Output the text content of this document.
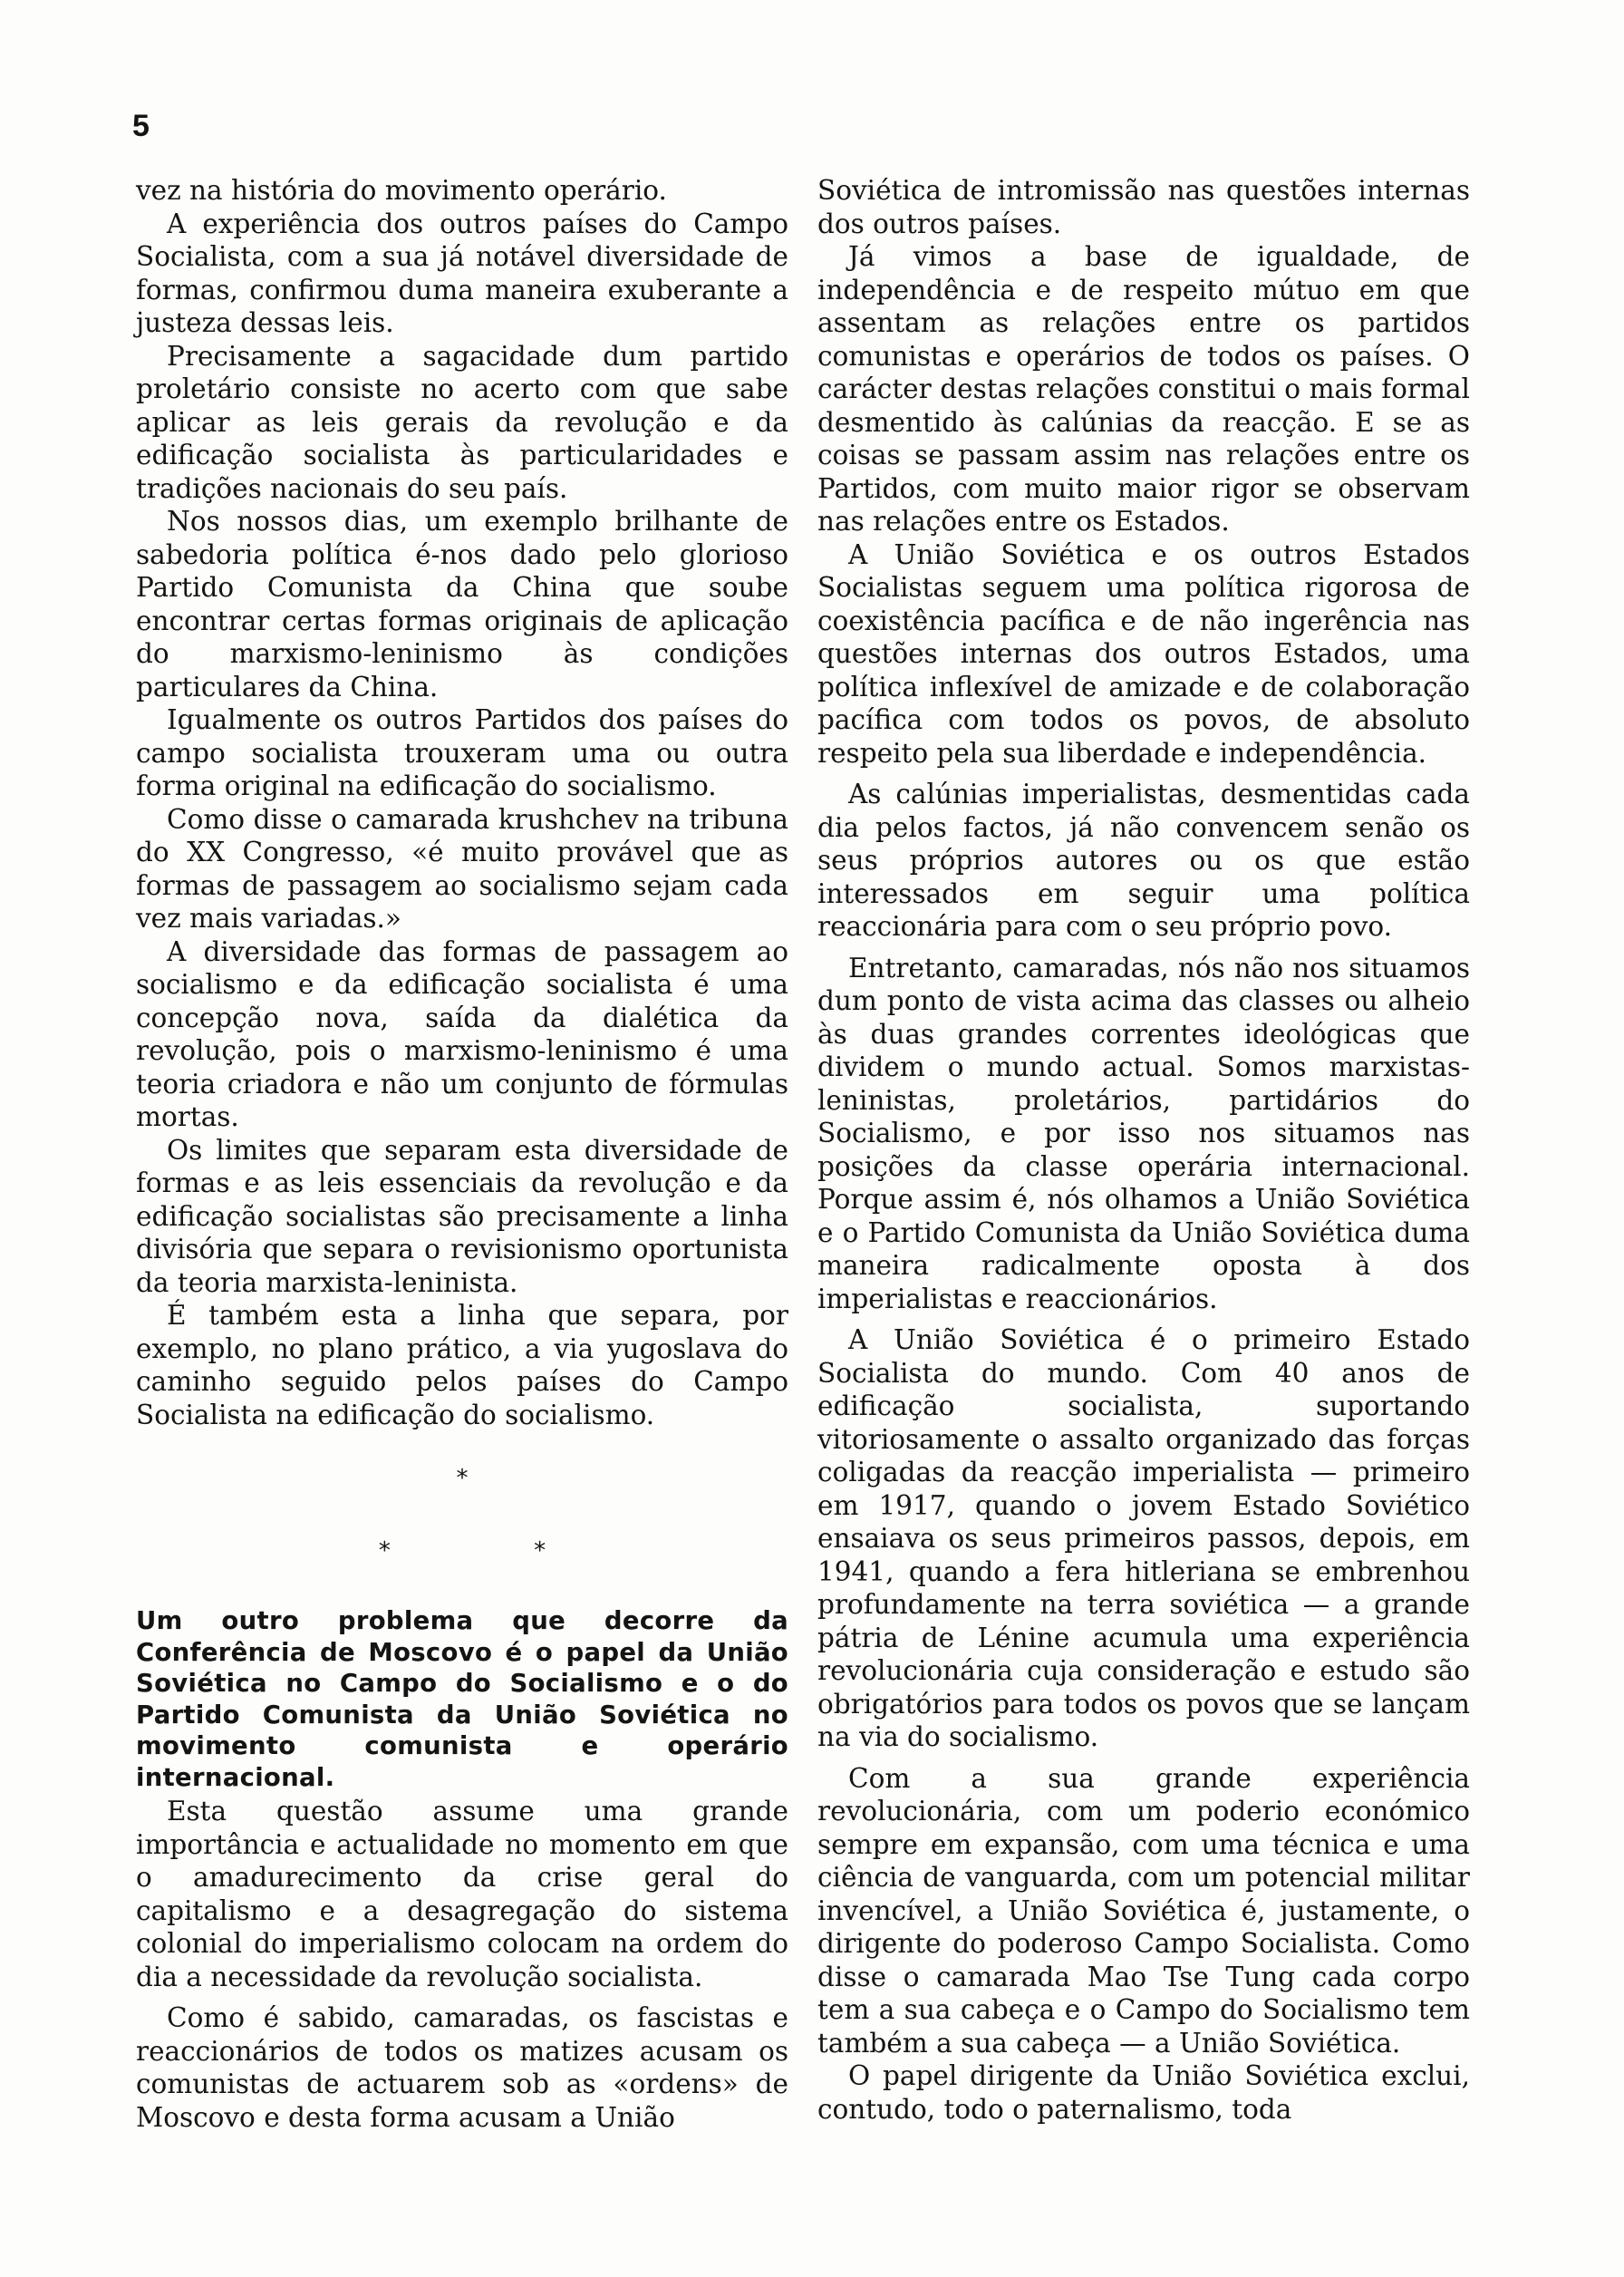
5

vez na história do movimento operário.

A experiência dos outros países do Campo Socialista, com a sua já notável diversidade de formas, confirmou duma maneira exuberante a justeza dessas leis.

Precisamente a sagacidade dum partido proletário consiste no acerto com que sabe aplicar as leis gerais da revolução e da edificação socialista às particularidades e tradições nacionais do seu país.

Nos nossos dias, um exemplo brilhante de sabedoria política é-nos dado pelo glorioso Partido Comunista da China que soube encontrar certas formas originais de aplicação do marxismo-leninismo às condições particulares da China.

Igualmente os outros Partidos dos países do campo socialista trouxeram uma ou outra forma original na edificação do socialismo.

Como disse o camarada krushchev na tribuna do XX Congresso, «é muito provável que as formas de passagem ao socialismo sejam cada vez mais variadas.»

A diversidade das formas de passagem ao socialismo e da edificação socialista é uma concepção nova, saída da dialética da revolução, pois o marxismo-leninismo é uma teoria criadora e não um conjunto de fórmulas mortas.

Os limites que separam esta diversidade de formas e as leis essenciais da revolução e da edificação socialistas são precisamente a linha divisória que separa o revisionismo oportunista da teoria marxista-leninista.

É também esta a linha que separa, por exemplo, no plano prático, a via yugoslava do caminho seguido pelos países do Campo Socialista na edificação do socialismo.

*
* *
Um outro problema que decorre da Conferência de Moscovo é o papel da União Soviética no Campo do Socialismo e o do Partido Comunista da União Soviética no movimento comunista e operário internacional.

Esta questão assume uma grande importância e actualidade no momento em que o amadurecimento da crise geral do capitalismo e a desagregação do sistema colonial do imperialismo colocam na ordem do dia a necessidade da revolução socialista.

Como é sabido, camaradas, os fascistas e reaccionários de todos os matizes acusam os comunistas de actuarem sob as «ordens» de Moscovo e desta forma acusam a União

Soviética de intromissão nas questões internas dos outros países.

Já vimos a base de igualdade, de independência e de respeito mútuo em que assentam as relações entre os partidos comunistas e operários de todos os países. O carácter destas relações constitui o mais formal desmentido às calúnias da reacção. E se as coisas se passam assim nas relações entre os Partidos, com muito maior rigor se observam nas relações entre os Estados.

A União Soviética e os outros Estados Socialistas seguem uma política rigorosa de coexistência pacífica e de não ingerência nas questões internas dos outros Estados, uma política inflexível de amizade e de colaboração pacífica com todos os povos, de absoluto respeito pela sua liberdade e independência.

As calúnias imperialistas, desmentidas cada dia pelos factos, já não convencem senão os seus próprios autores ou os que estão interessados em seguir uma política reaccionária para com o seu próprio povo.

Entretanto, camaradas, nós não nos situamos dum ponto de vista acima das classes ou alheio às duas grandes correntes ideológicas que dividem o mundo actual. Somos marxistas-leninistas, proletários, partidários do Socialismo, e por isso nos situamos nas posições da classe operária internacional. Porque assim é, nós olhamos a União Soviética e o Partido Comunista da União Soviética duma maneira radicalmente oposta à dos imperialistas e reaccionários.

A União Soviética é o primeiro Estado Socialista do mundo. Com 40 anos de edificação socialista, suportando vitoriosamente o assalto organizado das forças coligadas da reacção imperialista — primeiro em 1917, quando o jovem Estado Soviético ensaiava os seus primeiros passos, depois, em 1941, quando a fera hitleriana se embrenhou profundamente na terra soviética — a grande pátria de Lénine acumula uma experiência revolucionária cuja consideração e estudo são obrigatórios para todos os povos que se lançam na via do socialismo.

Com a sua grande experiência revolucionária, com um poderio económico sempre em expansão, com uma técnica e uma ciência de vanguarda, com um potencial militar invencível, a União Soviética é, justamente, o dirigente do poderoso Campo Socialista. Como disse o camarada Mao Tse Tung cada corpo tem a sua cabeça e o Campo do Socialismo tem também a sua cabeça — a União Soviética.

O papel dirigente da União Soviética exclui, contudo, todo o paternalismo, toda
